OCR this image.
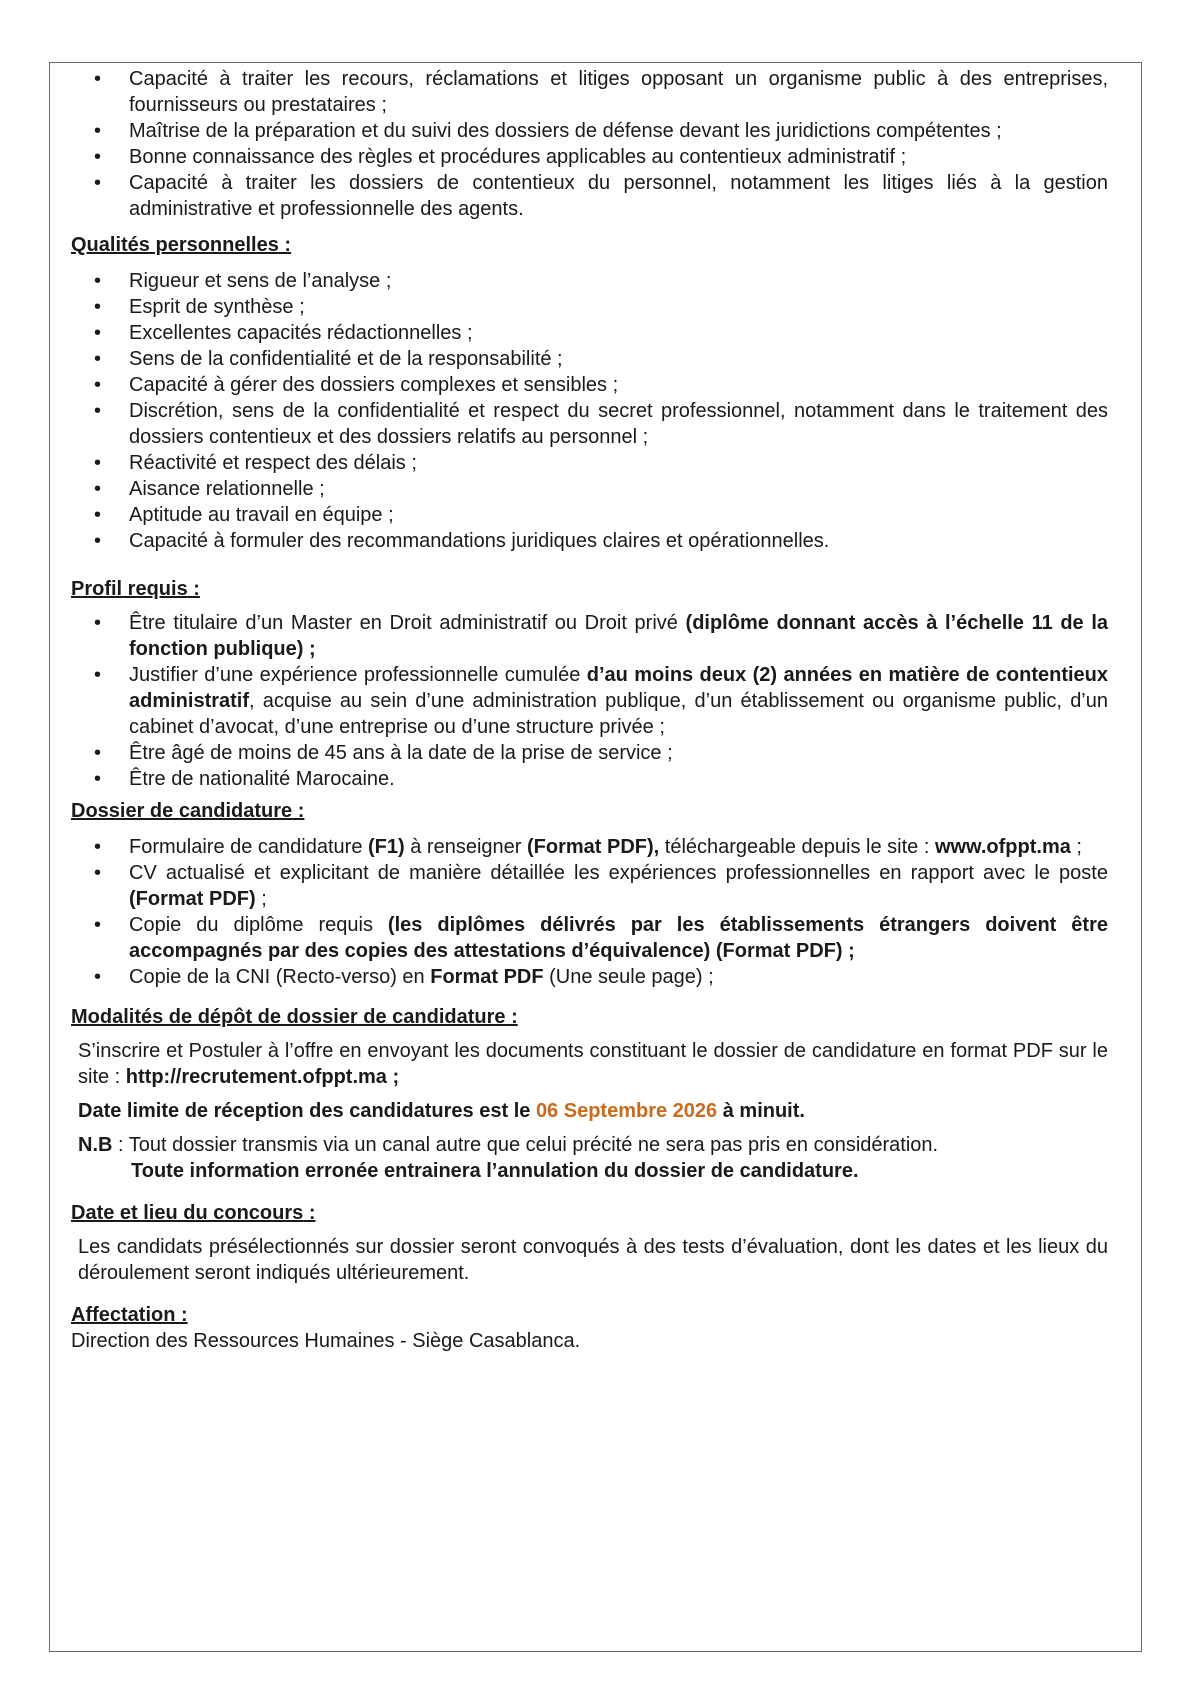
• Capacité à traiter les recours, réclamations et litiges opposant un organisme public à des entreprises, fournisseurs ou prestataires ;
• Maîtrise de la préparation et du suivi des dossiers de défense devant les juridictions compétentes ;
• Bonne connaissance des règles et procédures applicables au contentieux administratif ;
• Capacité à traiter les dossiers de contentieux du personnel, notamment les litiges liés à la gestion administrative et professionnelle des agents.

Qualités personnelles :

• Rigueur et sens de l’analyse ;
• Esprit de synthèse ;
• Excellentes capacités rédactionnelles ;
• Sens de la confidentialité et de la responsabilité ;
• Capacité à gérer des dossiers complexes et sensibles ;
• Discrétion, sens de la confidentialité et respect du secret professionnel, notamment dans le traitement des dossiers contentieux et des dossiers relatifs au personnel ;
• Réactivité et respect des délais ;
• Aisance relationnelle ;
• Aptitude au travail en équipe ;
• Capacité à formuler des recommandations juridiques claires et opérationnelles.

Profil requis :

• Être titulaire d’un Master en Droit administratif ou Droit privé (diplôme donnant accès à l’échelle 11 de la fonction publique) ;
• Justifier d’une expérience professionnelle cumulée d’au moins deux (2) années en matière de contentieux administratif, acquise au sein d’une administration publique, d’un établissement ou organisme public, d’un cabinet d’avocat, d’une entreprise ou d’une structure privée ;
• Être âgé de moins de 45 ans à la date de la prise de service ;
• Être de nationalité Marocaine.

Dossier de candidature :

• Formulaire de candidature (F1) à renseigner (Format PDF), téléchargeable depuis le site : www.ofppt.ma ;
• CV actualisé et explicitant de manière détaillée les expériences professionnelles en rapport avec le poste (Format PDF) ;
• Copie du diplôme requis (les diplômes délivrés par les établissements étrangers doivent être accompagnés par des copies des attestations d’équivalence) (Format PDF) ;
• Copie de la CNI (Recto-verso) en Format PDF (Une seule page) ;

Modalités de dépôt de dossier de candidature :

S’inscrire et Postuler à l’offre en envoyant les documents constituant le dossier de candidature en format PDF sur le site : http://recrutement.ofppt.ma ;

Date limite de réception des candidatures est le 06 Septembre 2026 à minuit.

N.B : Tout dossier transmis via un canal autre que celui précité ne sera pas pris en considération.

Toute information erronée entrainera l’annulation du dossier de candidature.

Date et lieu du concours :

Les candidats présélectionnés sur dossier seront convoqués à des tests d’évaluation, dont les dates et les lieux du déroulement seront indiqués ultérieurement.

Affectation :

Direction des Ressources Humaines - Siège Casablanca.
